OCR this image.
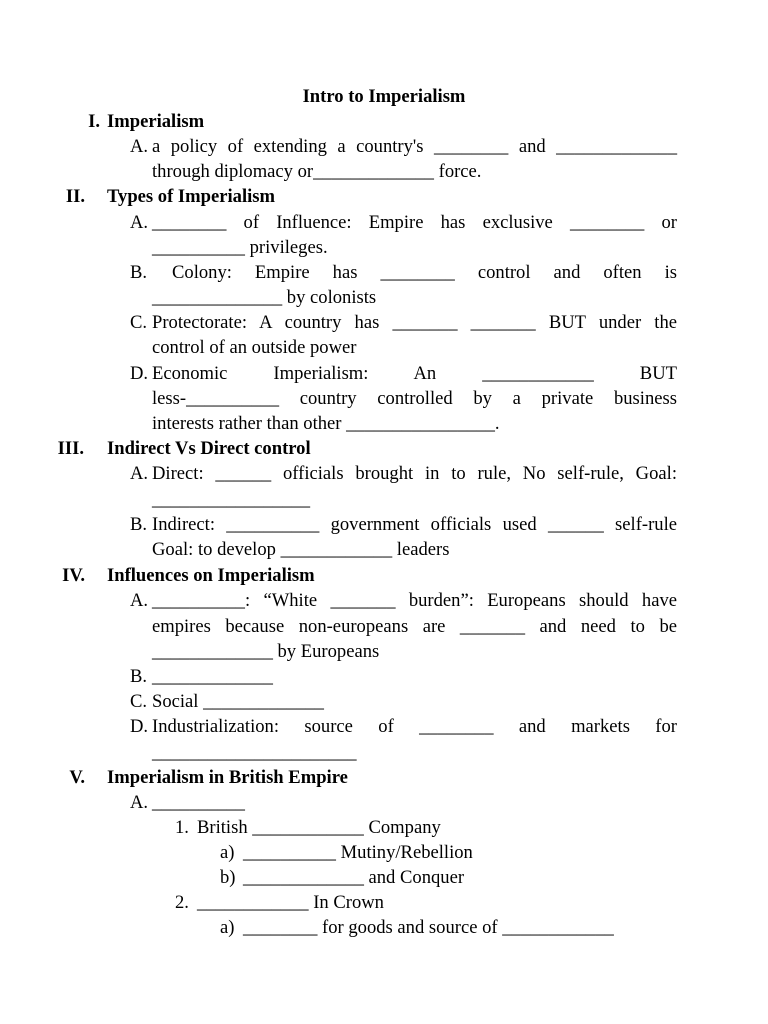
Intro to Imperialism
I. Imperialism
A. a policy of extending a country's ________ and _____________
through diplomacy or_____________ force.
II. Types of Imperialism
A. ________ of Influence: Empire has exclusive ________ or
__________ privileges.
B. Colony: Empire has ________ control and often is
______________ by colonists
C. Protectorate: A country has _______ _______ BUT under the
control of an outside power
D. Economic Imperialism: An ____________ BUT
less-__________ country controlled by a private business
interests rather than other ________________.
III. Indirect Vs Direct control
A. Direct: ______ officials brought in to rule, No self-rule, Goal:
_________________
B. Indirect: __________ government officials used ______ self-rule
Goal: to develop ____________ leaders
IV. Influences on Imperialism
A. __________: “White _______ burden”: Europeans should have
empires because non-europeans are _______ and need to be
_____________ by Europeans
B. _____________
C. Social _____________
D. Industrialization: source of ________ and markets for
______________________
V. Imperialism in British Empire
A. __________
1. British ____________ Company
a) __________ Mutiny/Rebellion
b) _____________ and Conquer
2. ____________ In Crown
a) ________ for goods and source of ____________
